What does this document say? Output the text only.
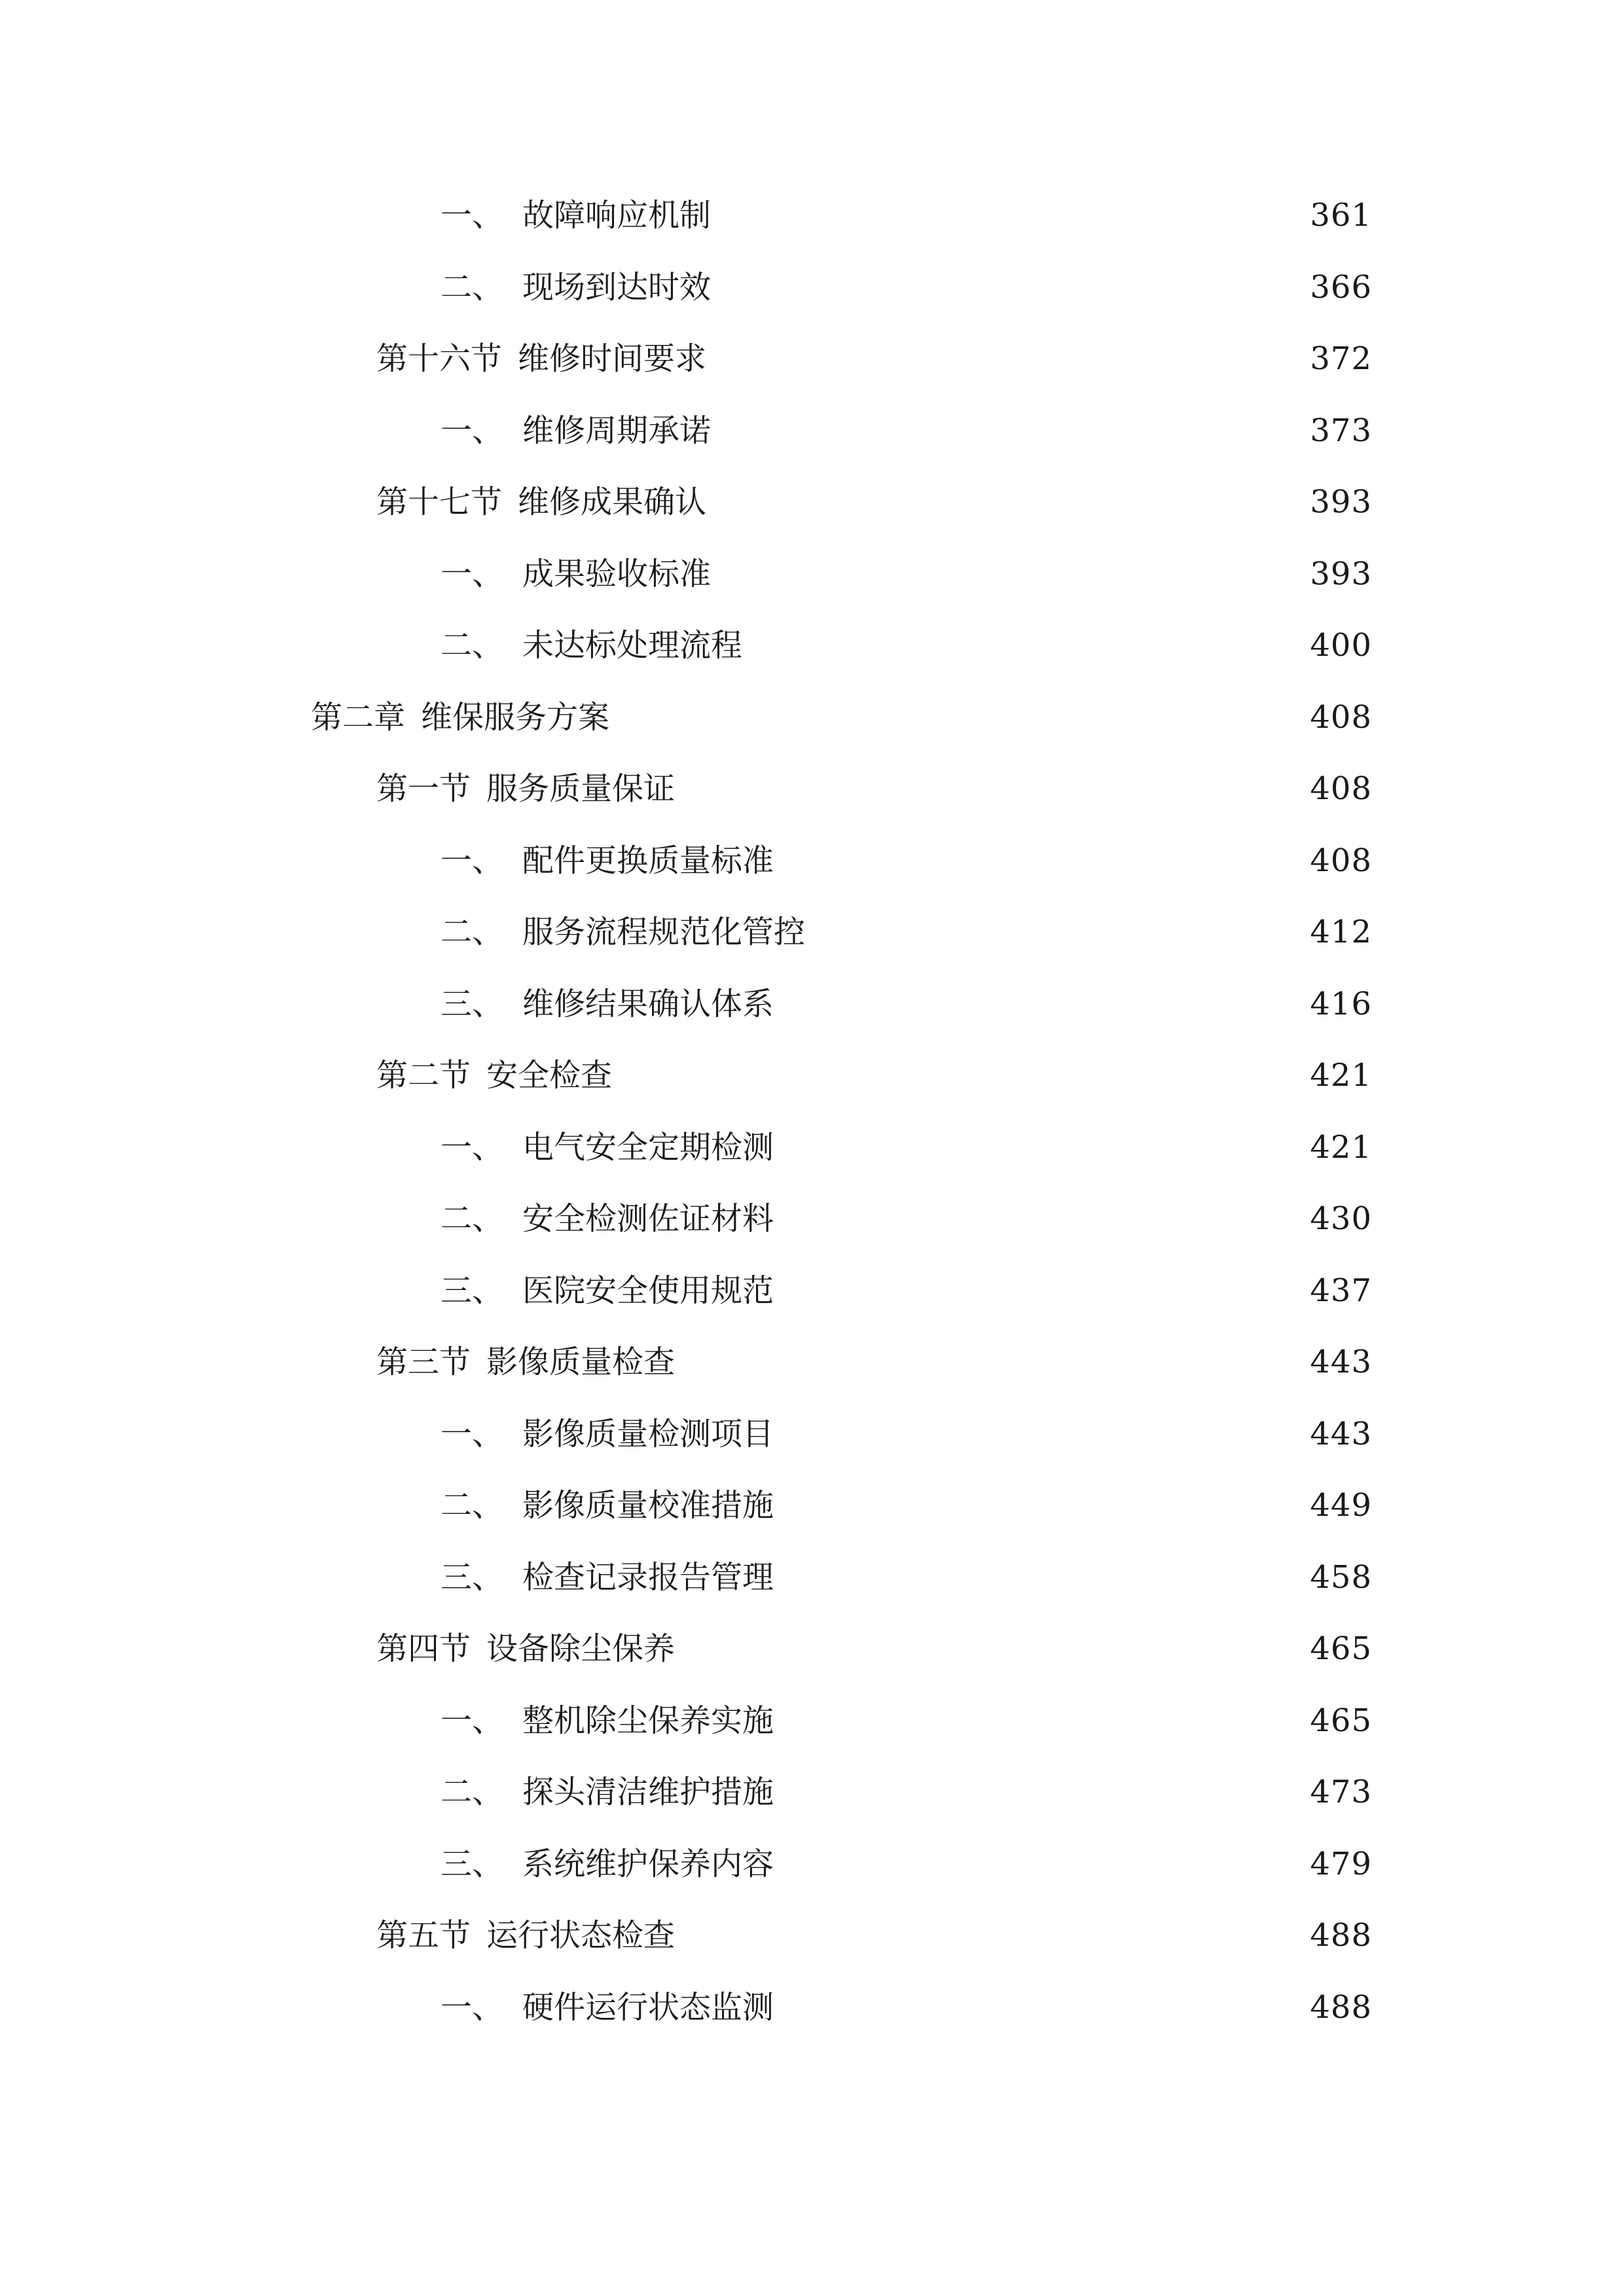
一、 故障响应机制	361
二、 现场到达时效	366
第十六节 维修时间要求	372
一、 维修周期承诺	373
第十七节 维修成果确认	393
一、 成果验收标准	393
二、 未达标处理流程	400
第二章 维保服务方案	408
第一节 服务质量保证	408
一、 配件更换质量标准	408
二、 服务流程规范化管控	412
三、 维修结果确认体系	416
第二节 安全检查	421
一、 电气安全定期检测	421
二、 安全检测佐证材料	430
三、 医院安全使用规范	437
第三节 影像质量检查	443
一、 影像质量检测项目	443
二、 影像质量校准措施	449
三、 检查记录报告管理	458
第四节 设备除尘保养	465
一、 整机除尘保养实施	465
二、 探头清洁维护措施	473
三、 系统维护保养内容	479
第五节 运行状态检查	488
一、 硬件运行状态监测	488
